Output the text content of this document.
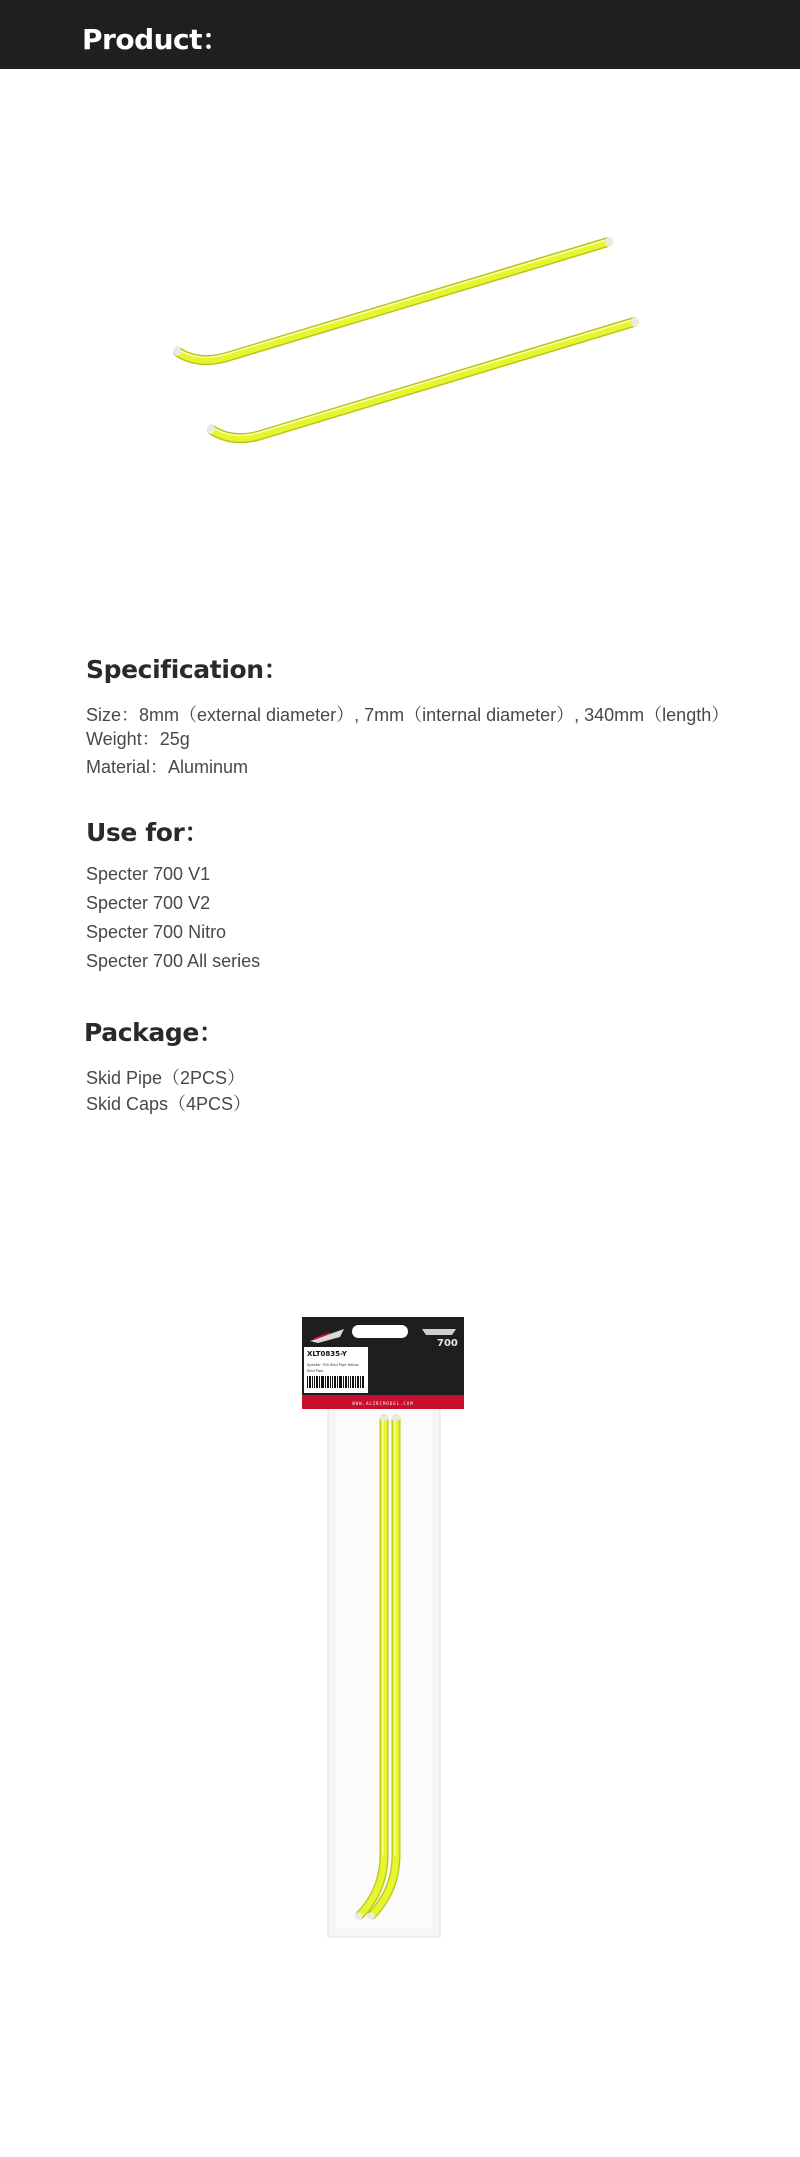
Product：
Specification：

Size：8mm（external diameter）, 7mm（internal diameter）, 340mm（length）

Weight：25g

Material：Aluminum

Use for：

Specter 700 V1

Specter 700 V2

Specter 700 Nitro

Specter 700 All series

Package：

Skid Pipe（2PCS）

Skid Caps（4PCS）

700
XLT0835-Y
Specter 700 Skid Pipe Yellow
Skid Pipe
WWW.ALZRCMODEL.COM
